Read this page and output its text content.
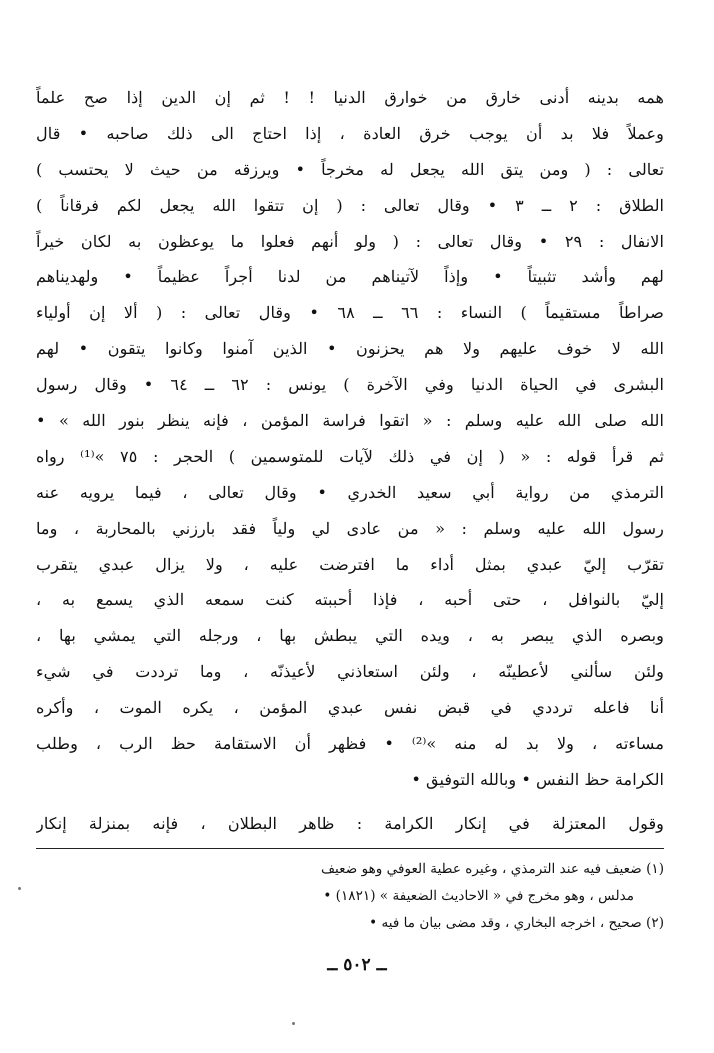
همه بدينه أدنى خارق من خوارق الدنيا ! ! ثم إن الدين إذا صح علماً
وعملاً فلا بد أن يوجب خرق العادة ، إذا احتاج الى ذلك صاحبه • قال
تعالى : ( ومن يتق الله يجعل له مخرجاً • ويرزقه من حيث لا يحتسب )
الطلاق : ٢ ــ ٣ • وقال تعالى : ( إن تتقوا الله يجعل لكم فرقاناً )
الانفال : ٢٩ • وقال تعالى : ( ولو أنهم فعلوا ما يوعظون به لكان خيراً
لهم وأشد تثبيتاً • وإذاً لآتيناهم من لدنا أجراً عظيماً • ولهديناهم
صراطاً مستقيماً ) النساء : ٦٦ ــ ٦٨ • وقال تعالى : ( ألا إن أولياء
الله لا خوف عليهم ولا هم يحزنون • الذين آمنوا وكانوا يتقون • لهم
البشرى في الحياة الدنيا وفي الآخرة ) يونس : ٦٢ ــ ٦٤ • وقال رسول
الله صلى الله عليه وسلم : « اتقوا فراسة المؤمن ، فإنه ينظر بنور الله » •
ثم قرأ قوله : « ( إن في ذلك لآيات للمتوسمين ) الحجر : ٧٥ »⁽¹⁾ رواه
الترمذي من رواية أبي سعيد الخدري • وقال تعالى ، فيما يرويه عنه
رسول الله عليه وسلم : « من عادى لي ولياً فقد بارزني بالمحاربة ، وما
تقرّب إليّ عبدي بمثل أداء ما افترضت عليه ، ولا يزال عبدي يتقرب
إليّ بالنوافل ، حتى أحبه ، فإذا أحببته كنت سمعه الذي يسمع به ،
وبصره الذي يبصر به ، ويده التي يبطش بها ، ورجله التي يمشي بها ،
ولئن سألني لأعطينّه ، ولئن استعاذني لأعيذنّه ، وما ترددت في شيء
أنا فاعله ترددي في قبض نفس عبدي المؤمن ، يكره الموت ، وأكره
مساءته ، ولا بد له منه »⁽²⁾ • فظهر أن الاستقامة حظ الرب ، وطلب
الكرامة حظ النفس • وبالله التوفيق •
وقول المعتزلة في إنكار الكرامة : ظاهر البطلان ، فإنه بمنزلة إنكار
(١) ضعيف فيه عند الترمذي ، وغيره عطية العوفي وهو ضعيف
مدلس ، وهو مخرج في « الاحاديث الضعيفة » (١٨٢١) •
(٢) صحيح ، اخرجه البخاري ، وقد مضى بيان ما فيه •
ــ ٥٠٢ ــ
